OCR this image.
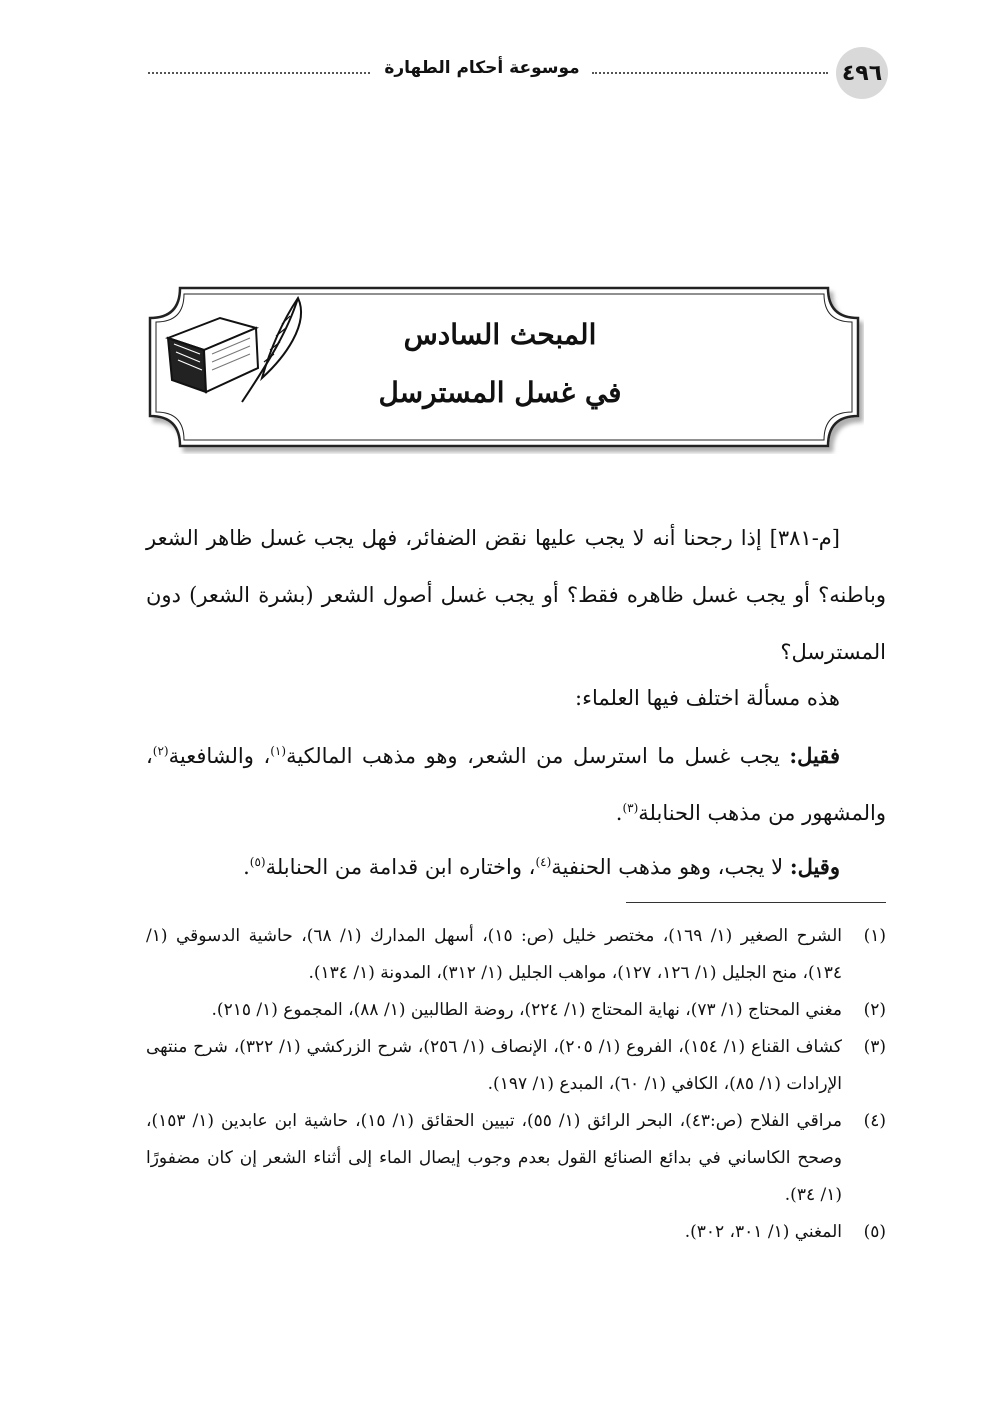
٤٩٦
موسوعة أحكام الطهارة
المبحث السادس
في غسل المسترسل

[م-٣٨١] إذا رجحنا أنه لا يجب عليها نقض الضفائر، فهل يجب غسل ظاهر الشعر وباطنه؟ أو يجب غسل ظاهره فقط؟ أو يجب غسل أصول الشعر (بشرة الشعر) دون المسترسل؟

هذه مسألة اختلف فيها العلماء:

فقيل: يجب غسل ما استرسل من الشعر، وهو مذهب المالكية$^{(١)}$، والشافعية$^{(٢)}$، والمشهور من مذهب الحنابلة$^{(٣)}$.

وقيل: لا يجب، وهو مذهب الحنفية$^{(٤)}$، واختاره ابن قدامة من الحنابلة$^{(٥)}$.

(١)
الشرح الصغير (١/ ١٦٩)، مختصر خليل (ص: ١٥)، أسهل المدارك (١/ ٦٨)، حاشية الدسوقي (١/ ١٣٤)، منح الجليل (١/ ١٢٦، ١٢٧)، مواهب الجليل (١/ ٣١٢)، المدونة (١/ ١٣٤).
(٢)
مغني المحتاج (١/ ٧٣)، نهاية المحتاج (١/ ٢٢٤)، روضة الطالبين (١/ ٨٨)، المجموع (١/ ٢١٥).
(٣)
كشاف القناع (١/ ١٥٤)، الفروع (١/ ٢٠٥)، الإنصاف (١/ ٢٥٦)، شرح الزركشي (١/ ٣٢٢)، شرح منتهى الإرادات (١/ ٨٥)، الكافي (١/ ٦٠)، المبدع (١/ ١٩٧).
(٤)
مراقي الفلاح (ص:٤٣)، البحر الرائق (١/ ٥٥)، تبيين الحقائق (١/ ١٥)، حاشية ابن عابدين (١/ ١٥٣)، وصحح الكاساني في بدائع الصنائع القول بعدم وجوب إيصال الماء إلى أثناء الشعر إن كان مضفورًا (١/ ٣٤).
(٥)
المغني (١/ ٣٠١، ٣٠٢).
